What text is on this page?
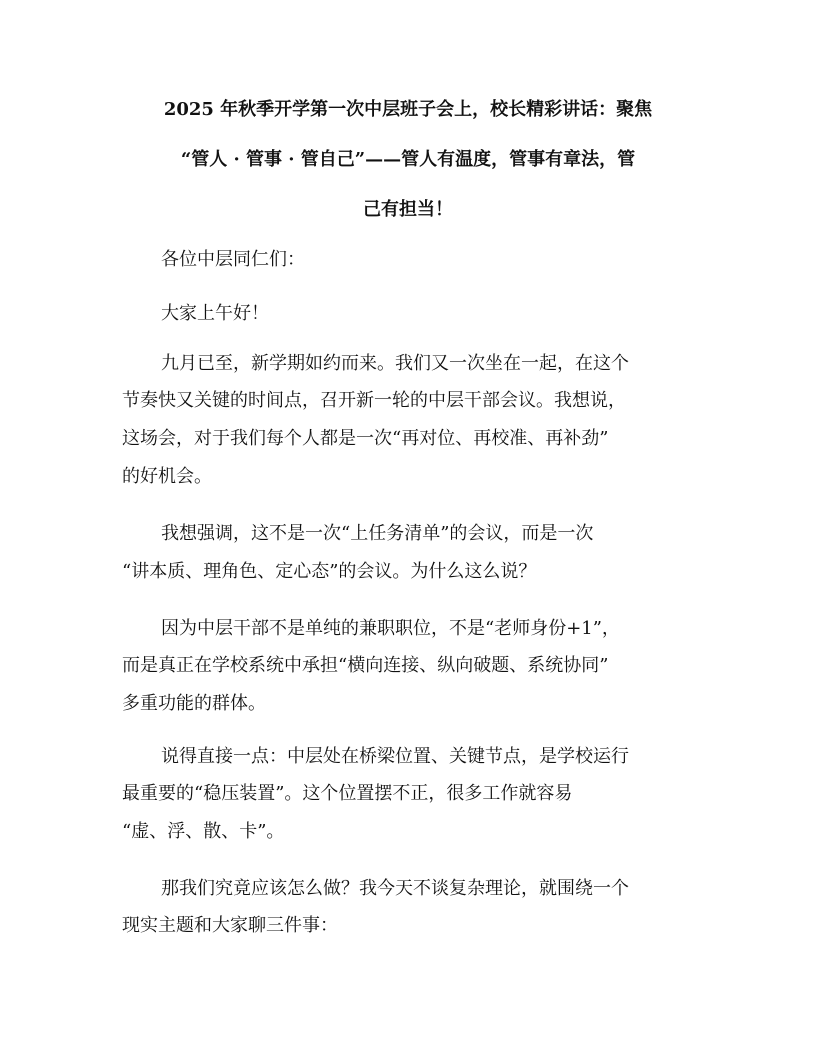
2025 年秋季开学第一次中层班子会上，校长精彩讲话：聚焦
“管人 · 管事 · 管自己”——管人有温度，管事有章法，管
己有担当！
各位中层同仁们：
大家上午好！
九月已至，新学期如约而来。我们又一次坐在一起，在这个
节奏快又关键的时间点，召开新一轮的中层干部会议。我想说，
这场会，对于我们每个人都是一次“再对位、再校准、再补劲”
的好机会。
我想强调，这不是一次“上任务清单”的会议，而是一次
“讲本质、理角色、定心态”的会议。为什么这么说？
因为中层干部不是单纯的兼职职位，不是“老师身份+1”，
而是真正在学校系统中承担“横向连接、纵向破题、系统协同”
多重功能的群体。
说得直接一点：中层处在桥梁位置、关键节点，是学校运行
最重要的“稳压装置”。这个位置摆不正，很多工作就容易
“虚、浮、散、卡”。
那我们究竟应该怎么做？我今天不谈复杂理论，就围绕一个
现实主题和大家聊三件事：
